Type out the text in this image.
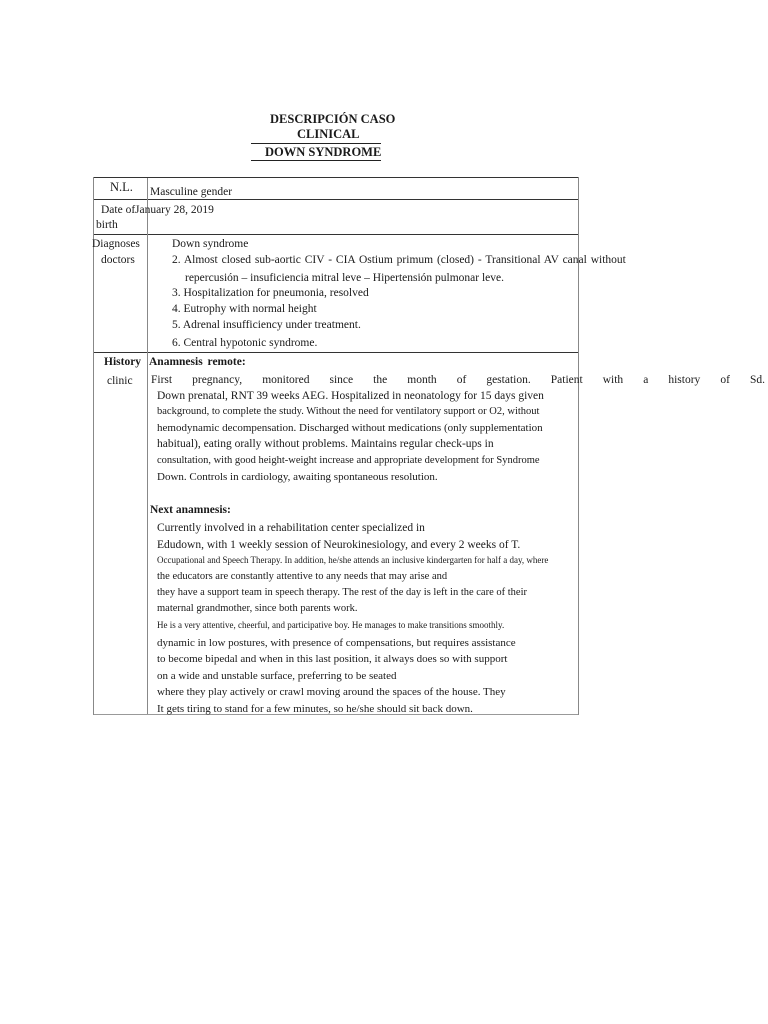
DESCRIPCIÓN CASO
CLINICAL
DOWN SYNDROME
N.L. Masculine gender
Date of
birth
January 28, 2019
Diagnoses
doctors
Down syndrome
2. Almost closed sub-aortic CIV - CIA Ostium primum (closed) - Transitional AV canal without
repercusión – insuficiencia mitral leve – Hipertensión pulmonar leve.
3. Hospitalization for pneumonia, resolved
4. Eutrophy with normal height
5. Adrenal insufficiency under treatment.
6. Central hypotonic syndrome.
History
clinic
Anamnesis remote:
First pregnancy, monitored since the month of gestation. Patient with a history of Sd.
Down prenatal, RNT 39 weeks AEG. Hospitalized in neonatology for 15 days given
background, to complete the study. Without the need for ventilatory support or O2, without
hemodynamic decompensation. Discharged without medications (only supplementation
habitual), eating orally without problems. Maintains regular check-ups in
consultation, with good height-weight increase and appropriate development for Syndrome
Down. Controls in cardiology, awaiting spontaneous resolution.
Next anamnesis:
Currently involved in a rehabilitation center specialized in
Edudown, with 1 weekly session of Neurokinesiology, and every 2 weeks of T.
Occupational and Speech Therapy. In addition, he/she attends an inclusive kindergarten for half a day, where
the educators are constantly attentive to any needs that may arise and
they have a support team in speech therapy. The rest of the day is left in the care of their
maternal grandmother, since both parents work.
He is a very attentive, cheerful, and participative boy. He manages to make transitions smoothly.
dynamic in low postures, with presence of compensations, but requires assistance
to become bipedal and when in this last position, it always does so with support
on a wide and unstable surface, preferring to be seated
where they play actively or crawl moving around the spaces of the house. They
It gets tiring to stand for a few minutes, so he/she should sit back down.
